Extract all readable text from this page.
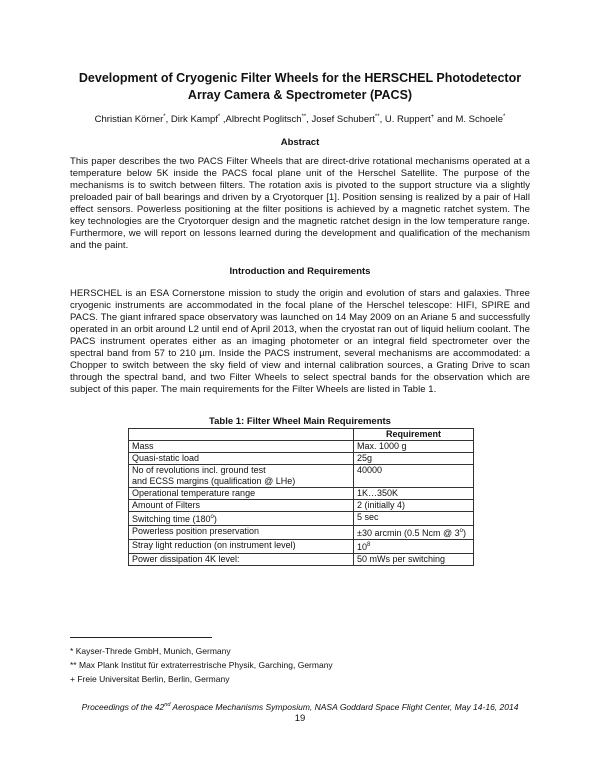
Development of Cryogenic Filter Wheels for the HERSCHEL Photodetector Array Camera & Spectrometer (PACS)
Christian Körner*, Dirk Kampf* ,Albrecht Poglitsch**, Josef Schubert**, U. Ruppert+ and M. Schoele*
Abstract
This paper describes the two PACS Filter Wheels that are direct-drive rotational mechanisms operated at a temperature below 5K inside the PACS focal plane unit of the Herschel Satellite. The purpose of the mechanisms is to switch between filters. The rotation axis is pivoted to the support structure via a slightly preloaded pair of ball bearings and driven by a Cryotorquer [1]. Position sensing is realized by a pair of Hall effect sensors. Powerless positioning at the filter positions is achieved by a magnetic ratchet system. The key technologies are the Cryotorquer design and the magnetic ratchet design in the low temperature range. Furthermore, we will report on lessons learned during the development and qualification of the mechanism and the paint.
Introduction and Requirements
HERSCHEL is an ESA Cornerstone mission to study the origin and evolution of stars and galaxies. Three cryogenic instruments are accommodated in the focal plane of the Herschel telescope: HIFI, SPIRE and PACS. The giant infrared space observatory was launched on 14 May 2009 on an Ariane 5 and successfully operated in an orbit around L2 until end of April 2013, when the cryostat ran out of liquid helium coolant. The PACS instrument operates either as an imaging photometer or an integral field spectrometer over the spectral band from 57 to 210 µm. Inside the PACS instrument, several mechanisms are accommodated: a Chopper to switch between the sky field of view and internal calibration sources, a Grating Drive to scan through the spectral band, and two Filter Wheels to select spectral bands for the observation which are subject of this paper. The main requirements for the Filter Wheels are listed in Table 1.
Table 1: Filter Wheel Main Requirements
	Requirement
Mass	Max. 1000 g
Quasi-static load	25g
No of revolutions incl. ground test
and ECSS margins (qualification @ LHe)	40000
Operational temperature range	1K…350K
Amount of Filters	2 (initially 4)
Switching time (180$^o$)	5 sec
Powerless position preservation	±30 arcmin (0.5 Ncm @ 3$^o$)
Stray light reduction (on instrument level)	$10^8$
Power dissipation 4K level:	50 mWs per switching
* Kayser-Threde GmbH, Munich, Germany
** Max Plank Institut für extraterrestrische Physik, Garching, Germany
+ Freie Universitat Berlin, Berlin, Germany
Proceedings of the 42nd Aerospace Mechanisms Symposium, NASA Goddard Space Flight Center, May 14-16, 2014
19
